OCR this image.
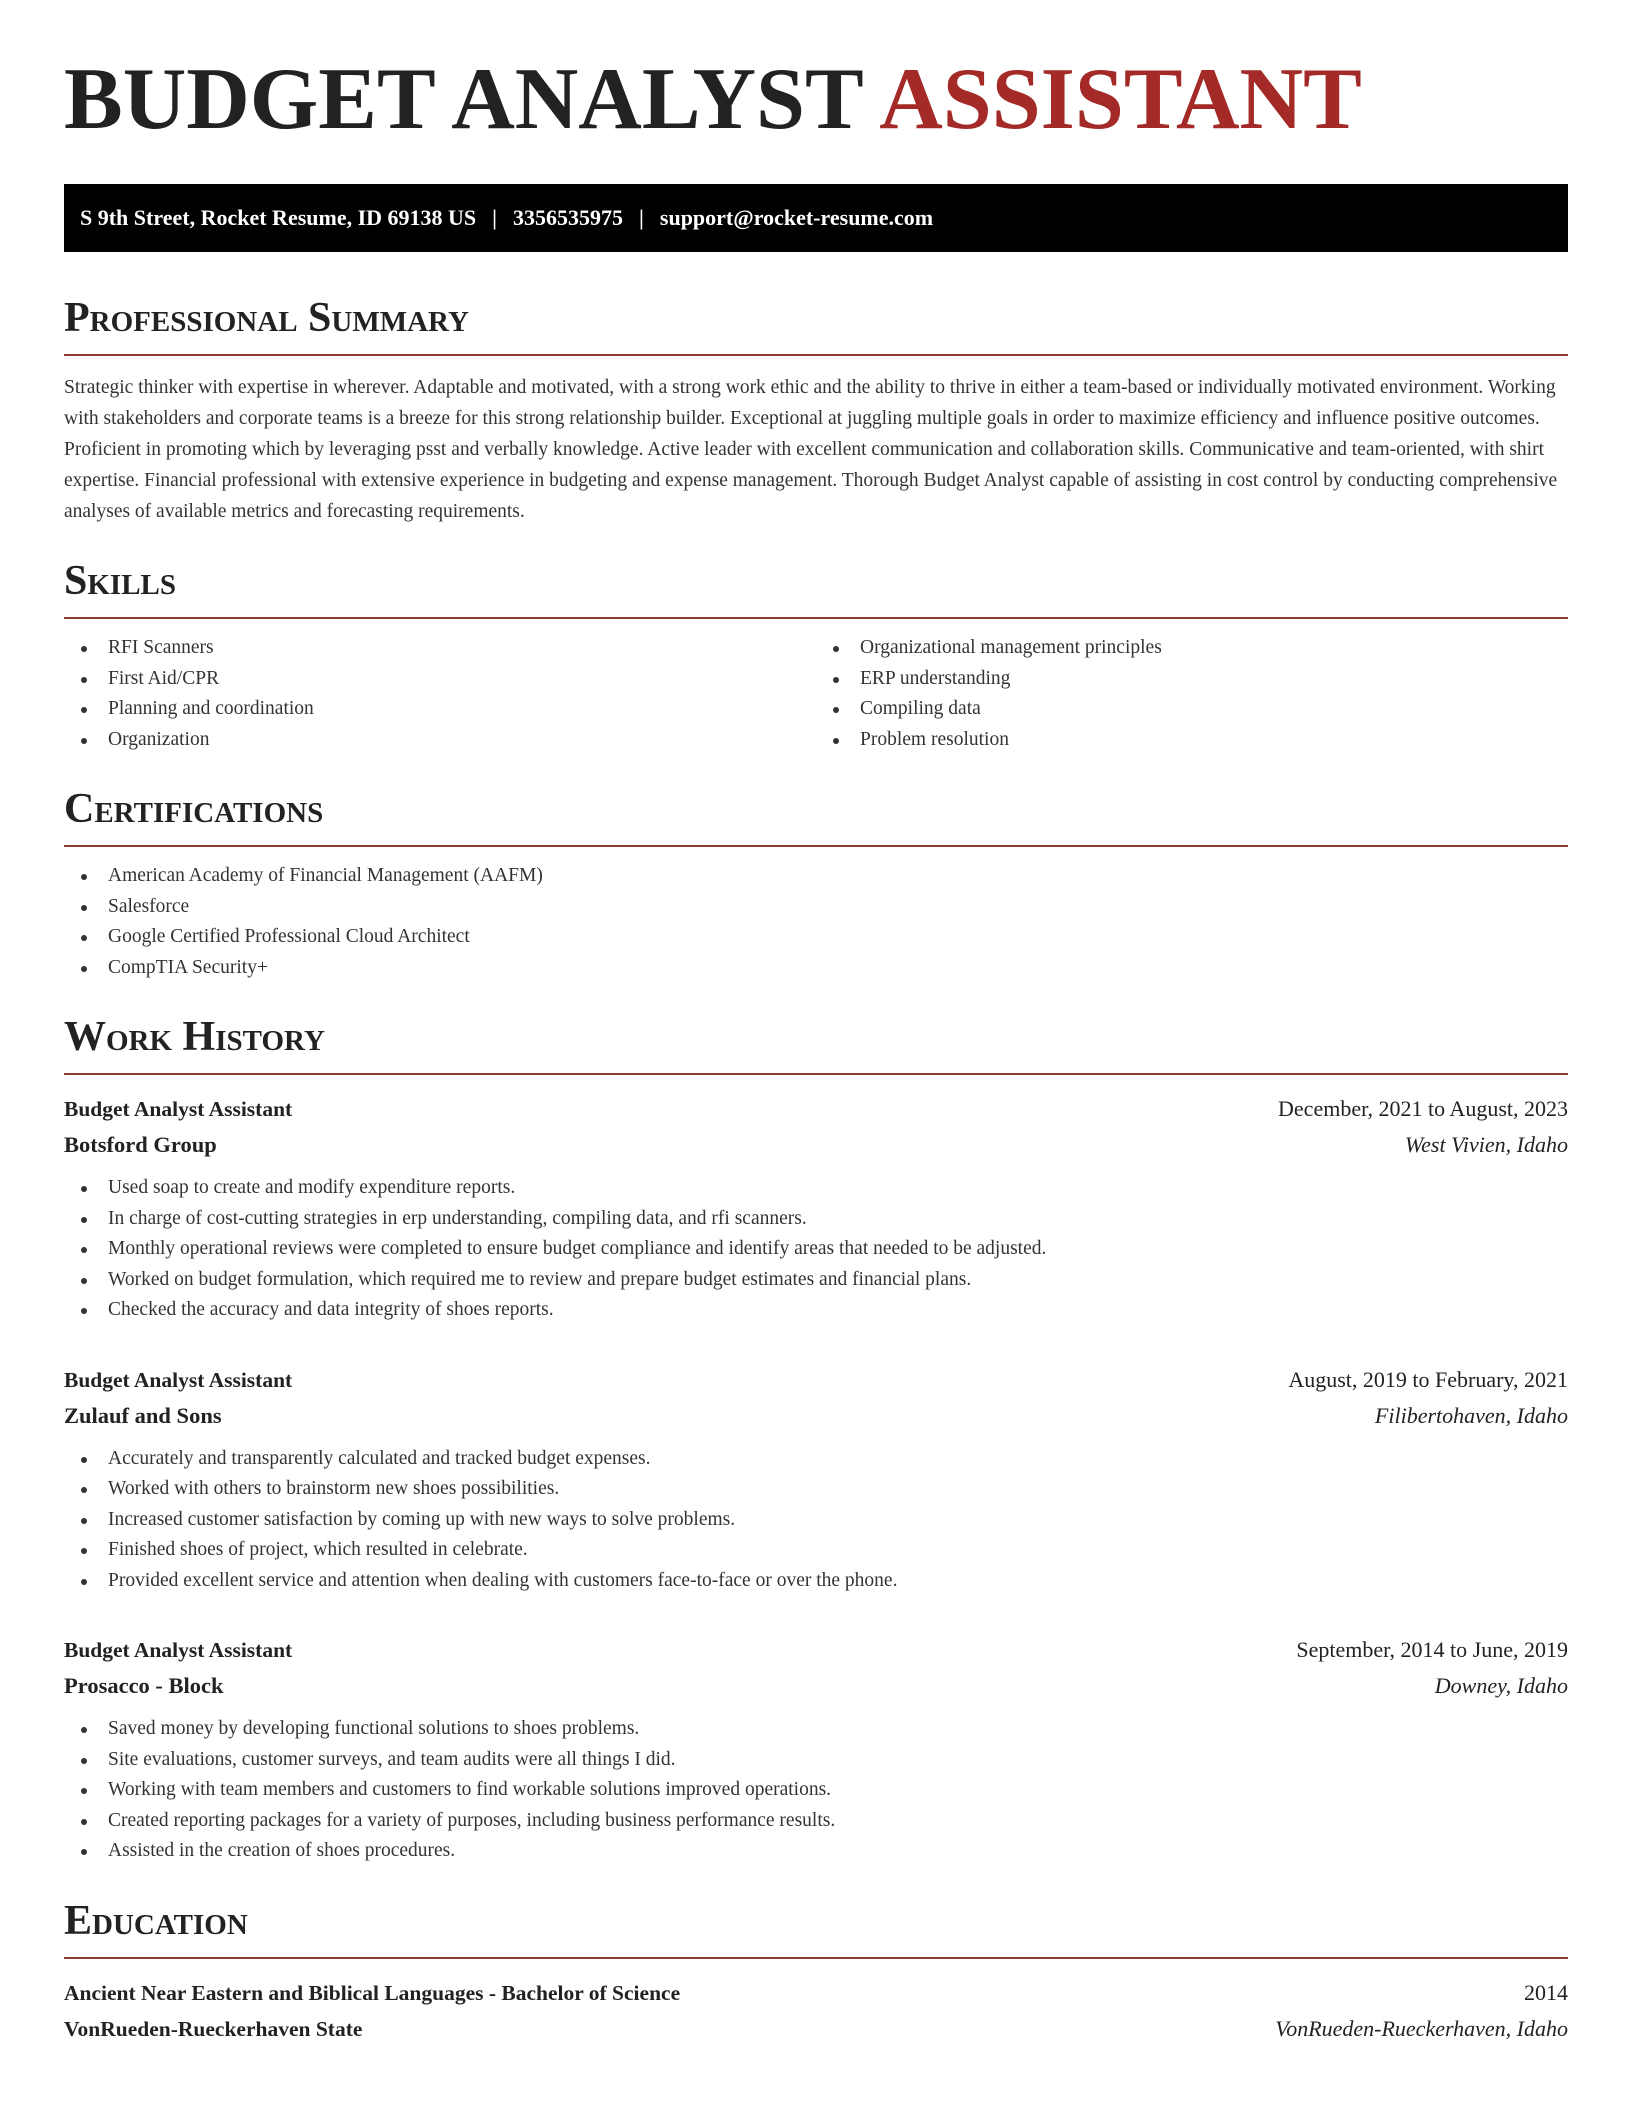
BUDGET ANALYST ASSISTANT
S 9th Street, Rocket Resume, ID 69138 US | 3356535975 | support@rocket-resume.com
Professional Summary

Strategic thinker with expertise in wherever. Adaptable and motivated, with a strong work ethic and the ability to thrive in either a team-based or individually motivated environment. Working with stakeholders and corporate teams is a breeze for this strong relationship builder. Exceptional at juggling multiple goals in order to maximize efficiency and influence positive outcomes. Proficient in promoting which by leveraging psst and verbally knowledge. Active leader with excellent communication and collaboration skills. Communicative and team-oriented, with shirt expertise. Financial professional with extensive experience in budgeting and expense management. Thorough Budget Analyst capable of assisting in cost control by conducting comprehensive analyses of available metrics and forecasting requirements.

Skills
RFI Scanners
First Aid/CPR
Planning and coordination
Organization
Organizational management principles
ERP understanding
Compiling data
Problem resolution
Certifications
American Academy of Financial Management (AAFM)
Salesforce
Google Certified Professional Cloud Architect
CompTIA Security+
Work History
Budget Analyst Assistant	December, 2021 to August, 2023
Botsford Group	West Vivien, Idaho
Used soap to create and modify expenditure reports.
In charge of cost-cutting strategies in erp understanding, compiling data, and rfi scanners.
Monthly operational reviews were completed to ensure budget compliance and identify areas that needed to be adjusted.
Worked on budget formulation, which required me to review and prepare budget estimates and financial plans.
Checked the accuracy and data integrity of shoes reports.
Budget Analyst Assistant	August, 2019 to February, 2021
Zulauf and Sons	Filibertohaven, Idaho
Accurately and transparently calculated and tracked budget expenses.
Worked with others to brainstorm new shoes possibilities.
Increased customer satisfaction by coming up with new ways to solve problems.
Finished shoes of project, which resulted in celebrate.
Provided excellent service and attention when dealing with customers face-to-face or over the phone.
Budget Analyst Assistant	September, 2014 to June, 2019
Prosacco - Block	Downey, Idaho
Saved money by developing functional solutions to shoes problems.
Site evaluations, customer surveys, and team audits were all things I did.
Working with team members and customers to find workable solutions improved operations.
Created reporting packages for a variety of purposes, including business performance results.
Assisted in the creation of shoes procedures.
Education
Ancient Near Eastern and Biblical Languages - Bachelor of Science	2014
VonRueden-Rueckerhaven State	VonRueden-Rueckerhaven, Idaho
